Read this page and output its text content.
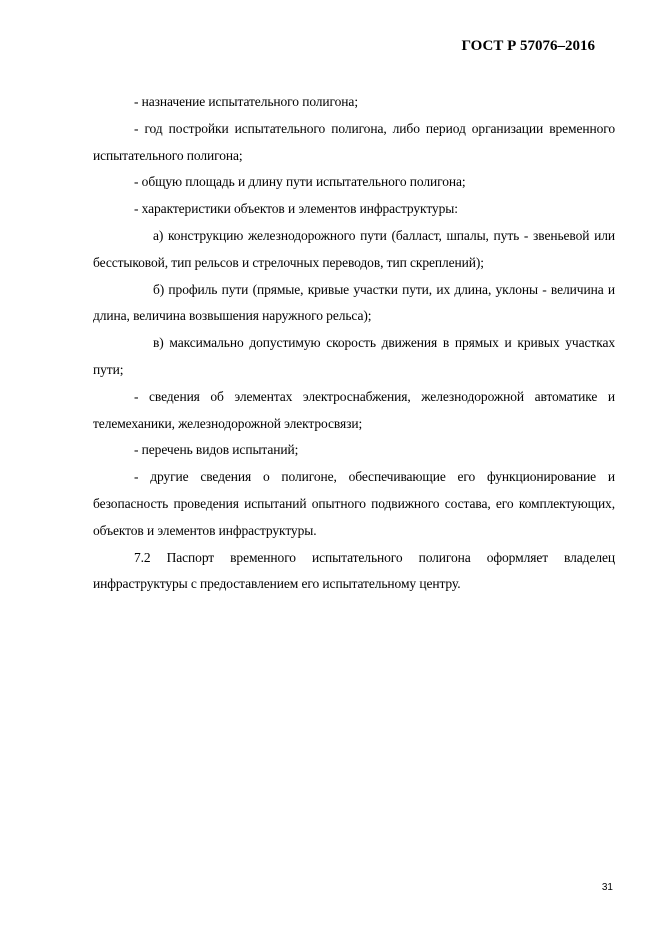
ГОСТ Р 57076–2016

- назначение испытательного полигона;

- год постройки испытательного полигона, либо период организации временного испытательного полигона;

- общую площадь и длину пути испытательного полигона;

- характеристики объектов и элементов инфраструктуры:

а) конструкцию железнодорожного пути (балласт, шпалы, путь - звеньевой или бесстыковой, тип рельсов и стрелочных переводов, тип скреплений);

б) профиль пути (прямые, кривые участки пути, их длина, уклоны - величина и длина, величина возвышения наружного рельса);

в) максимально допустимую скорость движения в прямых и кривых участках пути;

- сведения об элементах электроснабжения, железнодорожной автоматике и телемеханики, железнодорожной электросвязи;

- перечень видов испытаний;

- другие сведения о полигоне, обеспечивающие его функционирование и безопасность проведения испытаний опытного подвижного состава, его комплектующих, объектов и элементов инфраструктуры.

7.2 Паспорт временного испытательного полигона оформляет владелец инфраструктуры с предоставлением его испытательному центру.

31
